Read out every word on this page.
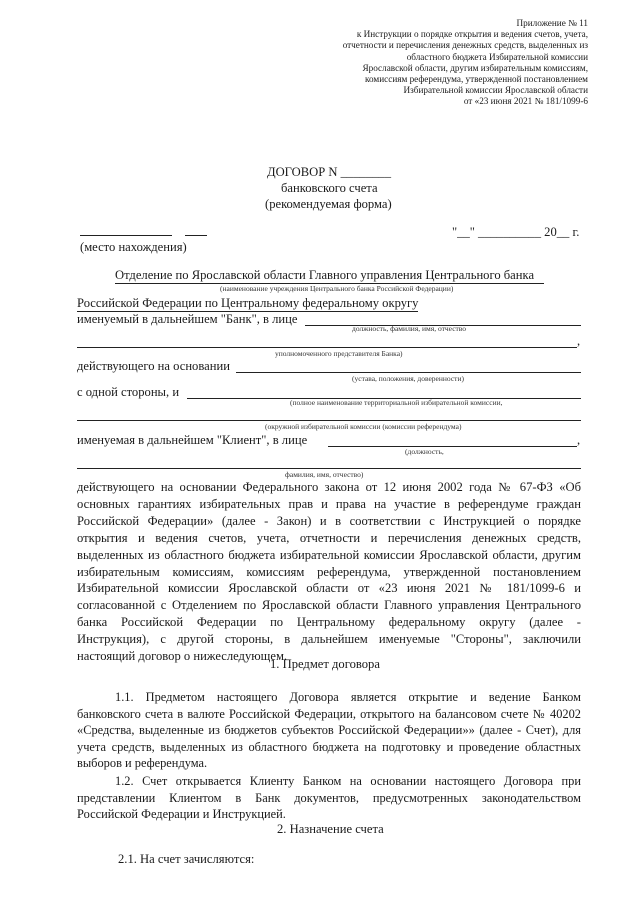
Приложение № 11
к Инструкции о порядке открытия и ведения счетов, учета,
отчетности и перечисления денежных средств, выделенных из
областного бюджета Избирательной комиссии
Ярославской области, другим избирательным комиссиям,
комиссиям референдума, утвержденной постановлением
Избирательной комиссии Ярославской области
от «23 июня 2021 № 181/1099-6
ДОГОВОР N ________
банковского счета
(рекомендуемая форма)
(место нахождения)
"__" __________ 20__ г.
Отделение по Ярославской области Главного управления Центрального банка
(наименование учреждения Центрального банка Российской Федерации)
Российской Федерации по Центральному федеральному округу
именуемый в дальнейшем "Банк", в лице
должность, фамилия, имя, отчество
,
уполномоченного представителя Банка)
действующего на основании
(устава, положения, доверенности)
с одной стороны, и
(полное наименование территориальной избирательной комиссии,
(окружной избирательной комиссии (комиссии референдума)
именуемая в дальнейшем "Клиент", в лице	,
(должность,
фамилия, имя, отчество)

действующего на основании Федерального закона от 12 июня 2002 года № 67-ФЗ «Об

основных гарантиях избирательных прав и права на участие в референдуме граждан

Российской Федерации» (далее - Закон) и в соответствии с Инструкцией о порядке

открытия и ведения счетов, учета, отчетности и перечисления денежных средств,

выделенных из областного бюджета избирательной комиссии Ярославской области, другим

избирательным комиссиям, комиссиям референдума, утвержденной постановлением

Избирательной комиссии Ярославской области от «23 июня 2021 № 181/1099-6 и

согласованной с Отделением по Ярославской области Главного управления Центрального

банка Российской Федерации по Центральному федеральному округу (далее -

Инструкция), с другой стороны, в дальнейшем именуемые "Стороны", заключили

настоящий договор о нижеследующем.

1. Предмет договора

1.1. Предметом настоящего Договора является открытие и ведение Банком

банковского счета в валюте Российской Федерации, открытого на балансовом счете № 40202

«Средства, выделенные из бюджетов субъектов Российской Федерации»» (далее - Счет), для

учета средств, выделенных из областного бюджета на подготовку и проведение областных

выборов и референдума.

1.2. Счет открывается Клиенту Банком на основании настоящего Договора при

представлении Клиентом в Банк документов, предусмотренных законодательством

Российской Федерации и Инструкцией.

2. Назначение счета
2.1. На счет зачисляются:
